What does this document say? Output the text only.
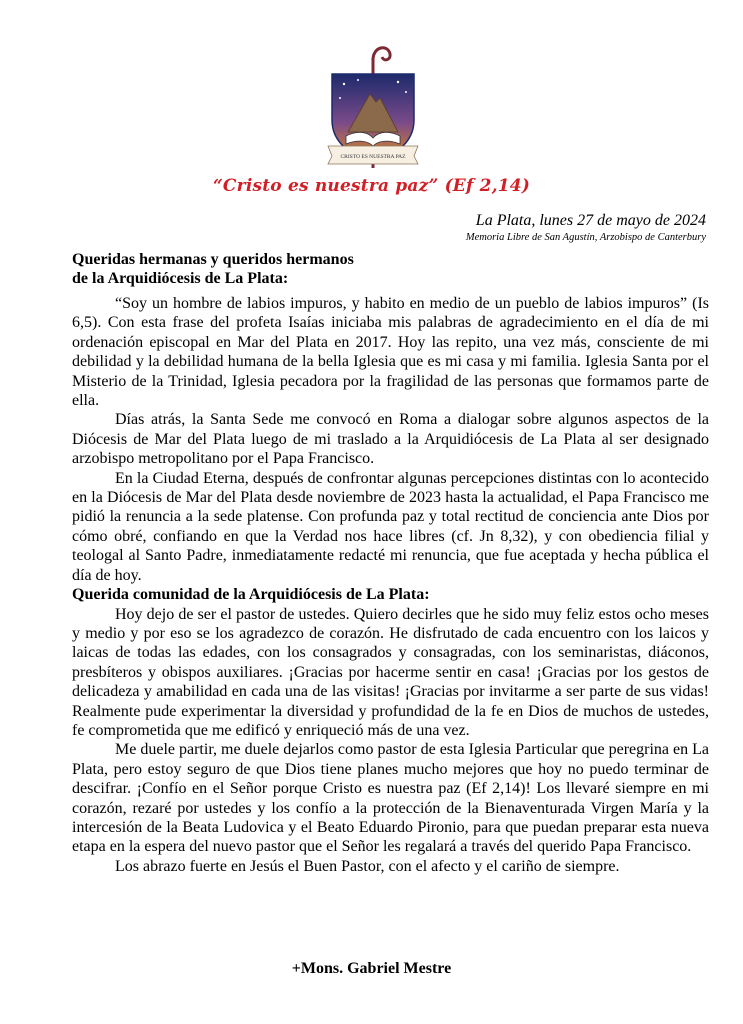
CRISTO ES NUESTRA PAZ
“Cristo es nuestra paz” (Ef 2,14)
La Plata, lunes 27 de mayo de 2024
Memoria Libre de San Agustín, Arzobispo de Canterbury
Queridas hermanas y queridos hermanos
de la Arquidiócesis de La Plata:

“Soy un hombre de labios impuros, y habito en medio de un pueblo de labios impuros” (Is 6,5). Con esta frase del profeta Isaías iniciaba mis palabras de agradecimiento en el día de mi ordenación episcopal en Mar del Plata en 2017. Hoy las repito, una vez más, consciente de mi debilidad y la debilidad humana de la bella Iglesia que es mi casa y mi familia. Iglesia Santa por el Misterio de la Trinidad, Iglesia pecadora por la fragilidad de las personas que formamos parte de ella.

Días atrás, la Santa Sede me convocó en Roma a dialogar sobre algunos aspectos de la Diócesis de Mar del Plata luego de mi traslado a la Arquidiócesis de La Plata al ser designado arzobispo metropolitano por el Papa Francisco.

En la Ciudad Eterna, después de confrontar algunas percepciones distintas con lo acontecido en la Diócesis de Mar del Plata desde noviembre de 2023 hasta la actualidad, el Papa Francisco me pidió la renuncia a la sede platense. Con profunda paz y total rectitud de conciencia ante Dios por cómo obré, confiando en que la Verdad nos hace libres (cf. Jn 8,32), y con obediencia filial y teologal al Santo Padre, inmediatamente redacté mi renuncia, que fue aceptada y hecha pública el día de hoy.

Querida comunidad de la Arquidiócesis de La Plata:

Hoy dejo de ser el pastor de ustedes. Quiero decirles que he sido muy feliz estos ocho meses y medio y por eso se los agradezco de corazón. He disfrutado de cada encuentro con los laicos y laicas de todas las edades, con los consagrados y consagradas, con los seminaristas, diáconos, presbíteros y obispos auxiliares. ¡Gracias por hacerme sentir en casa! ¡Gracias por los gestos de delicadeza y amabilidad en cada una de las visitas! ¡Gracias por invitarme a ser parte de sus vidas! Realmente pude experimentar la diversidad y profundidad de la fe en Dios de muchos de ustedes, fe comprometida que me edificó y enriqueció más de una vez.

Me duele partir, me duele dejarlos como pastor de esta Iglesia Particular que peregrina en La Plata, pero estoy seguro de que Dios tiene planes mucho mejores que hoy no puedo terminar de descifrar. ¡Confío en el Señor porque Cristo es nuestra paz (Ef 2,14)! Los llevaré siempre en mi corazón, rezaré por ustedes y los confío a la protección de la Bienaventurada Virgen María y la intercesión de la Beata Ludovica y el Beato Eduardo Pironio, para que puedan preparar esta nueva etapa en la espera del nuevo pastor que el Señor les regalará a través del querido Papa Francisco.

Los abrazo fuerte en Jesús el Buen Pastor, con el afecto y el cariño de siempre.

+Mons. Gabriel Mestre
